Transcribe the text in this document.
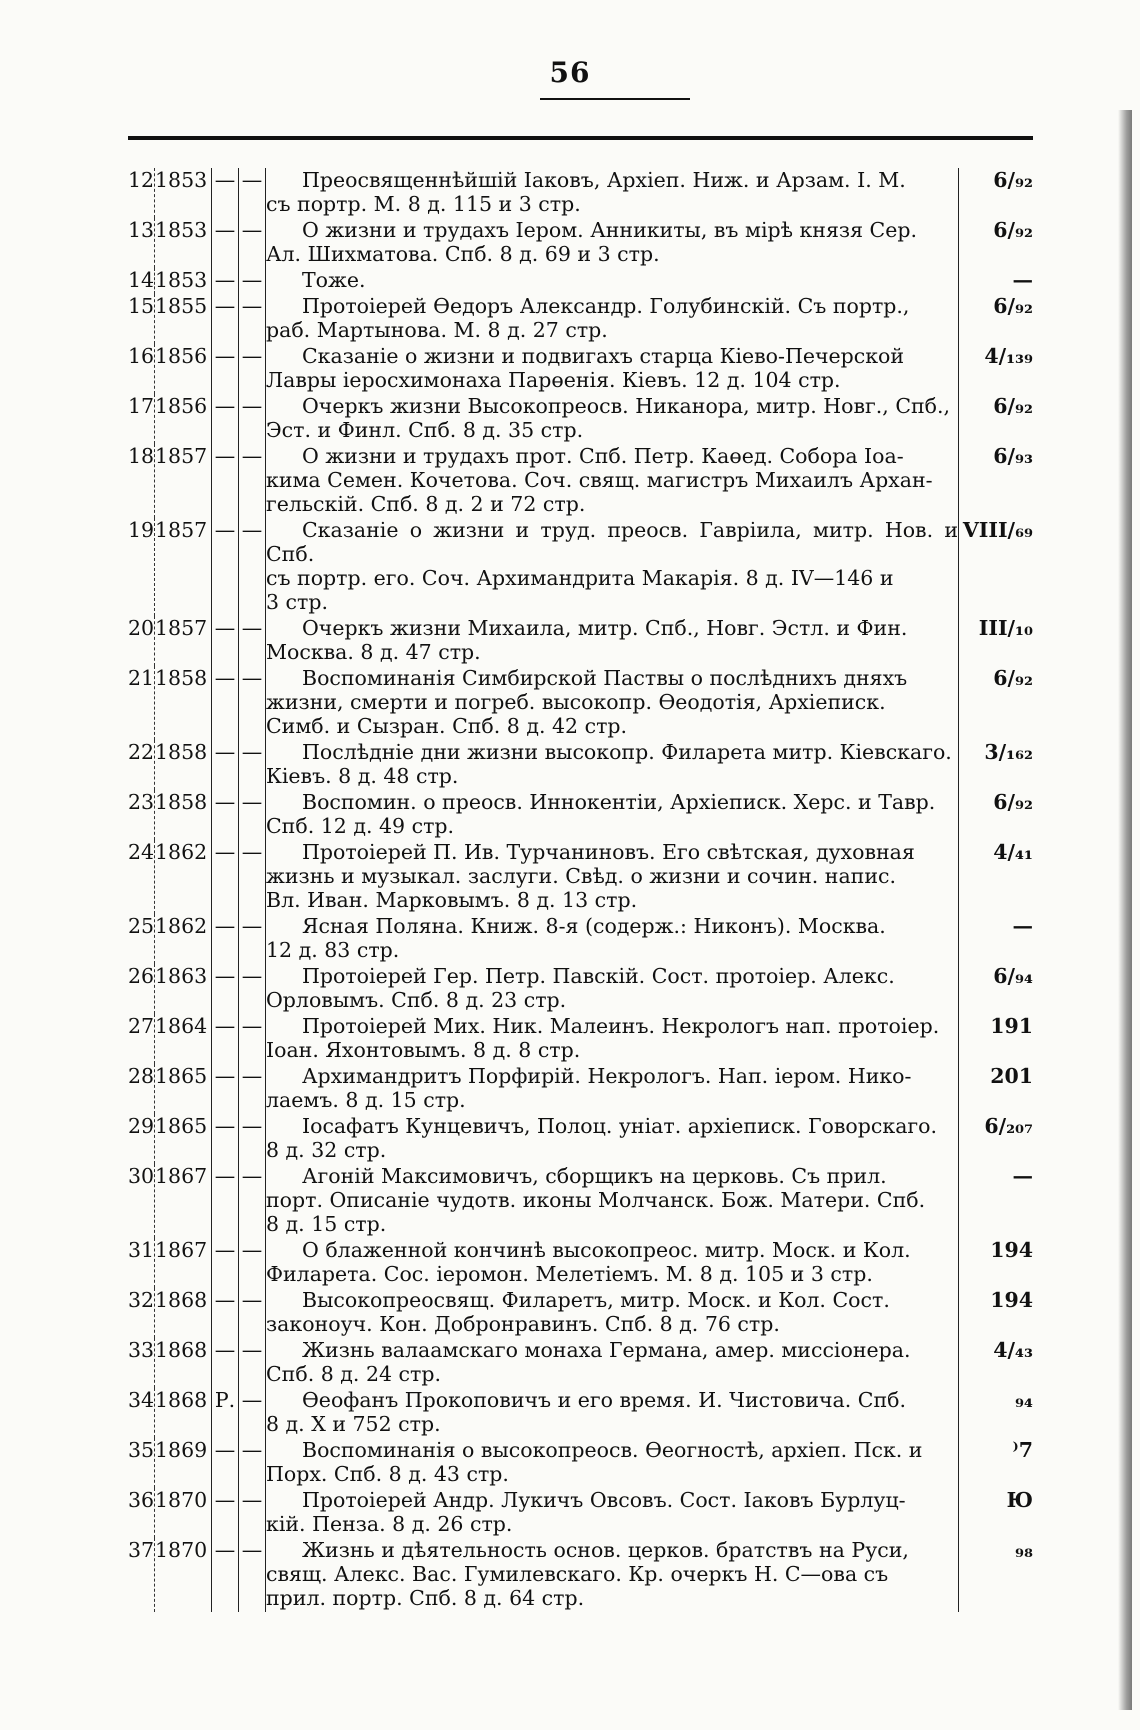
56
12	1853	—	—	Преосвященнѣйшій Іаковъ, Архіеп. Ниж. и Арзам. I. М.
съ портр. М. 8 д. 115 и 3 стр.	6/₉₂
13	1853	—	—	О жизни и трудахъ Іером. Анникиты, въ мірѣ князя Сер.
Ал. Шихматова. Спб. 8 д. 69 и 3 стр.	6/₉₂
14	1853	—	—	Тоже.	—
15	1855	—	—	Протоіерей Өедоръ Александр. Голубинскій. Съ портр.,
раб. Мартынова. М. 8 д. 27 стр.	6/₉₂
16	1856	—	—	Сказаніе о жизни и подвигахъ старца Кіево-Печерской
Лавры іеросхимонаха Парөенія. Кіевъ. 12 д. 104 стр.	4/₁₃₉
17	1856	—	—	Очеркъ жизни Высокопреосв. Никанора, митр. Новг., Спб.,
Эст. и Финл. Спб. 8 д. 35 стр.	6/₉₂
18	1857	—	—	О жизни и трудахъ прот. Спб. Петр. Каөед. Собора Іоа-
кима Семен. Кочетова. Соч. свящ. магистръ Михаилъ Архан-
гельскій. Спб. 8 д. 2 и 72 стр.	6/₉₃
19	1857	—	—	Сказаніе о жизни и труд. преосв. Гавріила, митр. Нов. и Спб.
съ портр. его. Соч. Архимандрита Макарія. 8 д. IV—146 и
3 стр.	VIII/₆₉
20	1857	—	—	Очеркъ жизни Михаила, митр. Спб., Новг. Эстл. и Фин.
Москва. 8 д. 47 стр.	III/₁₀
21	1858	—	—	Воспоминанія Симбирской Паствы о послѣднихъ дняхъ
жизни, смерти и погреб. высокопр. Өеодотія, Архіеписк.
Симб. и Сызран. Спб. 8 д. 42 стр.	6/₉₂
22	1858	—	—	Послѣдніе дни жизни высокопр. Филарета митр. Кіевскаго.
Кіевъ. 8 д. 48 стр.	3/₁₆₂
23	1858	—	—	Воспомин. о преосв. Иннокентіи, Архіеписк. Херс. и Тавр.
Спб. 12 д. 49 стр.	6/₉₂
24	1862	—	—	Протоіерей П. Ив. Турчаниновъ. Его свѣтская, духовная
жизнь и музыкал. заслуги. Свѣд. о жизни и сочин. напис.
Вл. Иван. Марковымъ. 8 д. 13 стр.	4/₄₁
25	1862	—	—	Ясная Поляна. Книж. 8-я (содерж.: Никонъ). Москва.
12 д. 83 стр.	—
26	1863	—	—	Протоіерей Гер. Петр. Павскій. Сост. протоіер. Алекс.
Орловымъ. Спб. 8 д. 23 стр.	6/₉₄
27	1864	—	—	Протоіерей Мих. Ник. Малеинъ. Некрологъ нап. протоіер.
Іоан. Яхонтовымъ. 8 д. 8 стр.	191
28	1865	—	—	Архимандритъ Порфирій. Некрологъ. Нап. іером. Нико-
лаемъ. 8 д. 15 стр.	201
29	1865	—	—	Іосафатъ Кунцевичъ, Полоц. уніат. архіеписк. Говорскаго.
8 д. 32 стр.	6/₂₀₇
30	1867	—	—	Агоній Максимовичъ, сборщикъ на церковь. Съ прил.
порт. Описаніе чудотв. иконы Молчанск. Бож. Матери. Спб.
8 д. 15 стр.	—
31	1867	—	—	О блаженной кончинѣ высокопреос. митр. Моск. и Кол.
Филарета. Сос. іеромон. Мелетіемъ. М. 8 д. 105 и 3 стр.	194
32	1868	—	—	Высокопреосвящ. Филаретъ, митр. Моск. и Кол. Сост.
законоуч. Кон. Добронравинъ. Спб. 8 д. 76 стр.	194
33	1868	—	—	Жизнь валаамскаго монаха Германа, амер. миссіонера.
Спб. 8 д. 24 стр.	4/₄₃
34	1868	Р.	—	Өеофанъ Прокоповичъ и его время. И. Чистовича. Спб.
8 д. X и 752 стр.	₉₄
35	1869	—	—	Воспоминанія о высокопреосв. Өеогностѣ, архіеп. Пск. и
Порх. Спб. 8 д. 43 стр.	⁾7
36	1870	—	—	Протоіерей Андр. Лукичъ Овсовъ. Сост. Іаковъ Бурлуц-
кій. Пенза. 8 д. 26 стр.	Ю
37	1870	—	—	Жизнь и дѣятельность основ. церков. братствъ на Руси,
свящ. Алекс. Вас. Гумилевскаго. Кр. очеркъ Н. С—ова съ
прил. портр. Спб. 8 д. 64 стр.	₉₈
